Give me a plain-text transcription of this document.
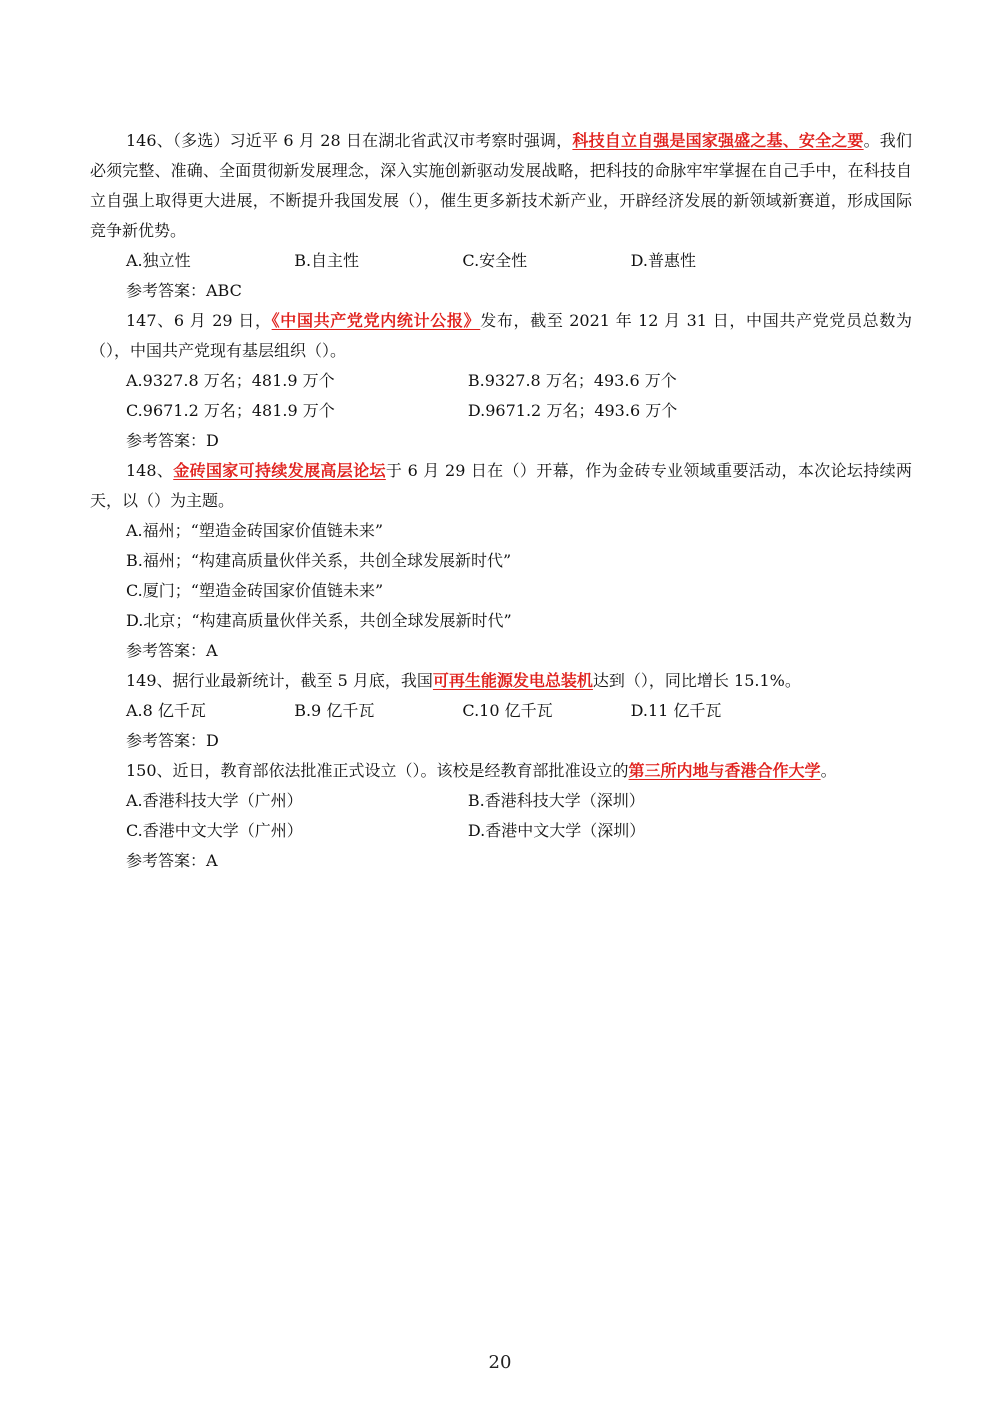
146、（多选）习近平 6 月 28 日在湖北省武汉市考察时强调，科技自立自强是国家强盛之基、安全之要。我们必须完整、准确、全面贯彻新发展理念，深入实施创新驱动发展战略，把科技的命脉牢牢掌握在自己手中，在科技自立自强上取得更大进展，不断提升我国发展（），催生更多新技术新产业，开辟经济发展的新领域新赛道，形成国际竞争新优势。

A.独立性	B.自主性	C.安全性	D.普惠性
参考答案：ABC

147、6 月 29 日，《中国共产党党内统计公报》发布，截至 2021 年 12 月 31 日，中国共产党党员总数为（），中国共产党现有基层组织（）。

A.9327.8 万名；481.9 万个	B.9327.8 万名；493.6 万个
C.9671.2 万名；481.9 万个	D.9671.2 万名；493.6 万个
参考答案：D

148、金砖国家可持续发展高层论坛于 6 月 29 日在（）开幕，作为金砖专业领域重要活动，本次论坛持续两天，以（）为主题。

A.福州；“塑造金砖国家价值链未来”
B.福州；“构建高质量伙伴关系，共创全球发展新时代”
C.厦门；“塑造金砖国家价值链未来”
D.北京；“构建高质量伙伴关系，共创全球发展新时代”
参考答案：A

149、据行业最新统计，截至 5 月底，我国可再生能源发电总装机达到（），同比增长 15.1%。

A.8 亿千瓦	B.9 亿千瓦	C.10 亿千瓦	D.11 亿千瓦
参考答案：D

150、近日，教育部依法批准正式设立（）。该校是经教育部批准设立的第三所内地与香港合作大学。

A.香港科技大学（广州）	B.香港科技大学（深圳）
C.香港中文大学（广州）	D.香港中文大学（深圳）
参考答案：A
20
